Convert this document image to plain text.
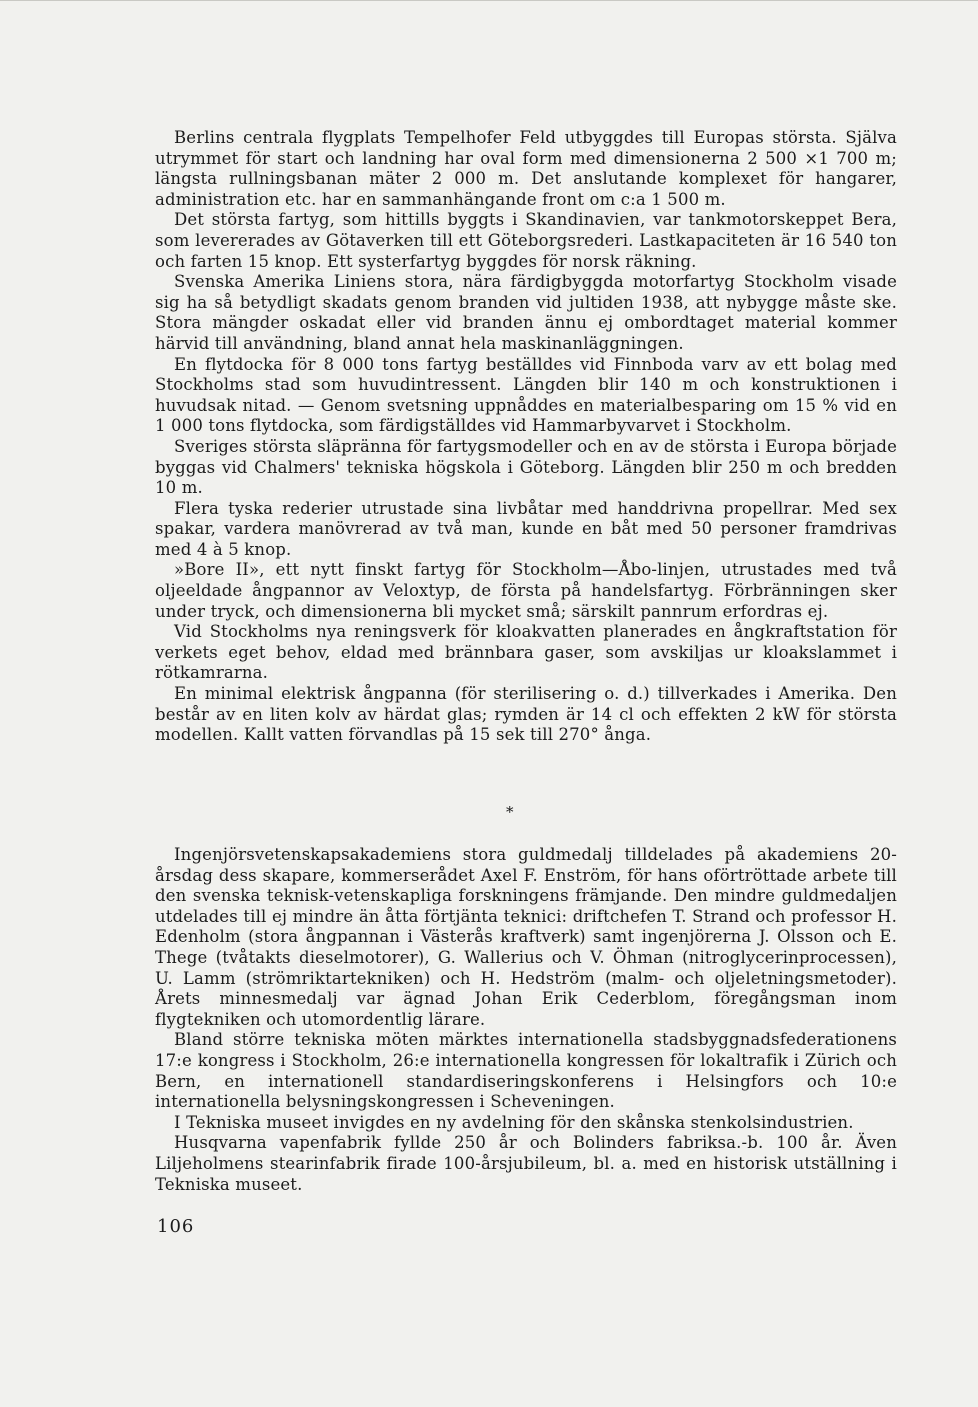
Berlins centrala flygplats Tempelhofer Feld utbyggdes till Europas största. Själva utrymmet för start och landning har oval form med dimensionerna 2 500 ×1 700 m; längsta rullningsbanan mäter 2 000 m. Det anslutande komplexet för hangarer, administration etc. har en sammanhängande front om c:a 1 500 m.

Det största fartyg, som hittills byggts i Skandinavien, var tankmotorskeppet Bera, som levererades av Götaverken till ett Göteborgsrederi. Lastkapaciteten är 16 540 ton och farten 15 knop. Ett systerfartyg byggdes för norsk räkning.

Svenska Amerika Liniens stora, nära färdigbyggda motorfartyg Stockholm visade sig ha så betydligt skadats genom branden vid jultiden 1938, att nybygge måste ske. Stora mängder oskadat eller vid branden ännu ej ombordtaget material kommer härvid till användning, bland annat hela maskinanläggningen.

En flytdocka för 8 000 tons fartyg beställdes vid Finnboda varv av ett bolag med Stockholms stad som huvudintressent. Längden blir 140 m och konstruktionen i huvudsak nitad. — Genom svetsning uppnåddes en materialbesparing om 15 % vid en 1 000 tons flytdocka, som färdigställdes vid Hammarbyvarvet i Stockholm.

Sveriges största släpränna för fartygsmodeller och en av de största i Europa började byggas vid Chalmers' tekniska högskola i Göteborg. Längden blir 250 m och bredden 10 m.

Flera tyska rederier utrustade sina livbåtar med handdrivna propellrar. Med sex spakar, vardera manövrerad av två man, kunde en båt med 50 personer framdrivas med 4 à 5 knop.

»Bore II», ett nytt finskt fartyg för Stockholm—Åbo-linjen, utrustades med två oljeeldade ångpannor av Veloxtyp, de första på handelsfartyg. Förbränningen sker under tryck, och dimensionerna bli mycket små; särskilt pannrum erfordras ej.

Vid Stockholms nya reningsverk för kloakvatten planerades en ångkraftstation för verkets eget behov, eldad med brännbara gaser, som avskiljas ur kloakslammet i rötkamrarna.

En minimal elektrisk ångpanna (för sterilisering o. d.) tillverkades i Amerika. Den består av en liten kolv av härdat glas; rymden är 14 cl och effekten 2 kW för största modellen. Kallt vatten förvandlas på 15 sek till 270° ånga.

*

Ingenjörsvetenskapsakademiens stora guldmedalj tilldelades på akademiens 20-årsdag dess skapare, kommerserådet Axel F. Enström, för hans oförtröttade arbete till den svenska teknisk-vetenskapliga forskningens främjande. Den mindre guldmedaljen utdelades till ej mindre än åtta förtjänta teknici: driftchefen T. Strand och professor H. Edenholm (stora ångpannan i Västerås kraftverk) samt ingenjörerna J. Olsson och E. Thege (tvåtakts dieselmotorer), G. Wallerius och V. Öhman (nitroglycerinprocessen), U. Lamm (strömriktartekniken) och H. Hedström (malm- och oljeletningsmetoder). Årets minnesmedalj var ägnad Johan Erik Cederblom, föregångsman inom flygtekniken och utomordentlig lärare.

Bland större tekniska möten märktes internationella stadsbyggnadsfederationens 17:e kongress i Stockholm, 26:e internationella kongressen för lokaltrafik i Zürich och Bern, en internationell standardiseringskonferens i Helsingfors och 10:e internationella belysningskongressen i Scheveningen.

I Tekniska museet invigdes en ny avdelning för den skånska stenkolsindustrien.

Husqvarna vapenfabrik fyllde 250 år och Bolinders fabriksa.-b. 100 år. Även Liljeholmens stearinfabrik firade 100-årsjubileum, bl. a. med en historisk utställning i Tekniska museet.

106
